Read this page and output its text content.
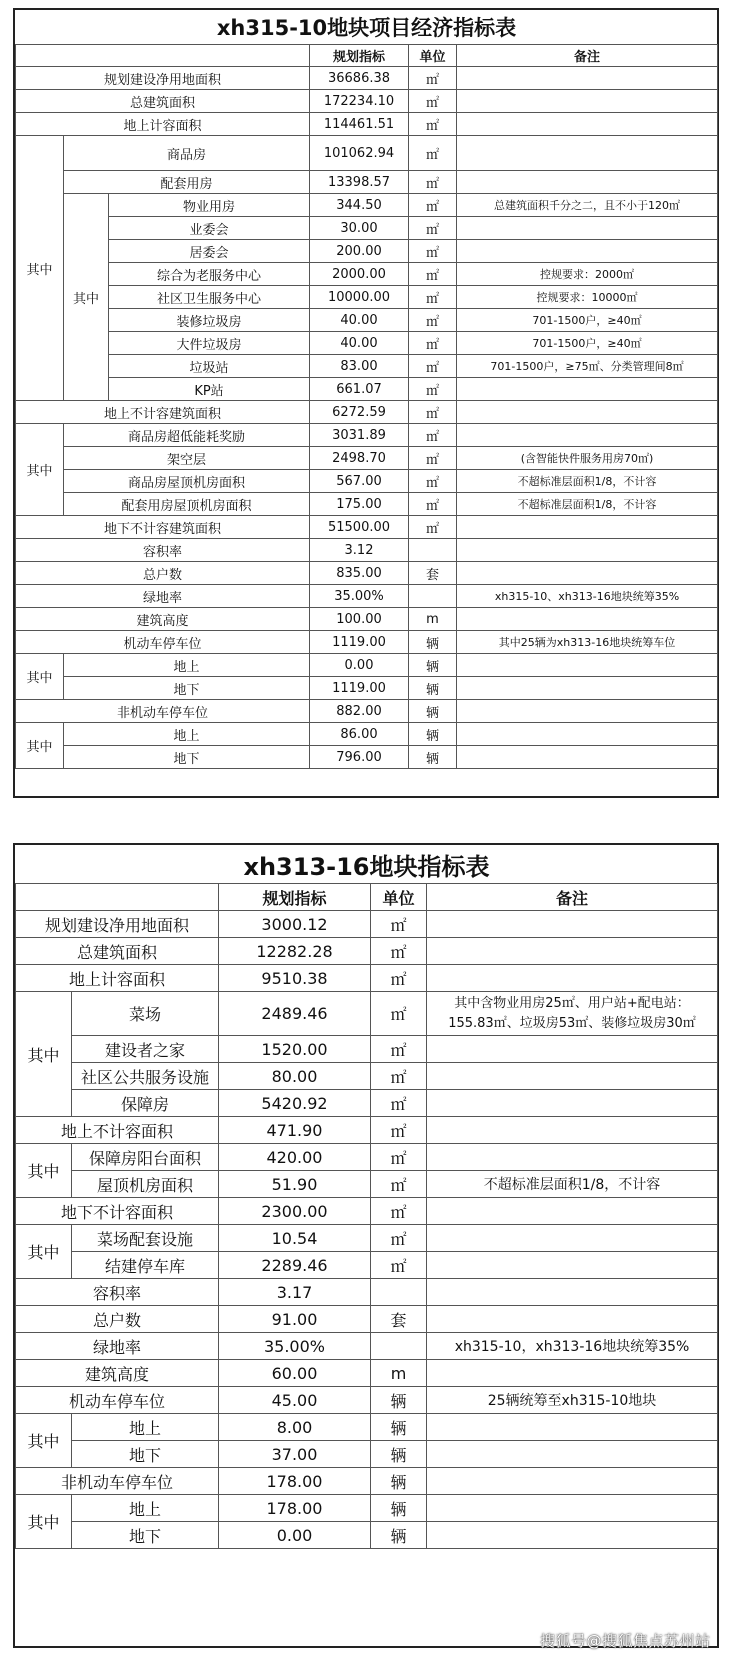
xh315-10地块项目经济指标表					
			规划指标	单位	备注
规划建设净用地面积			36686.38	㎡	
总建筑面积			172234.10	㎡	
地上计容面积			114461.51	㎡	
其中	商品房		101062.94	㎡	
	配套用房		13398.57	㎡	
	其中	物业用房	344.50	㎡	总建筑面积千分之二，且不小于120㎡
		业委会	30.00	㎡	
		居委会	200.00	㎡	
		综合为老服务中心	2000.00	㎡	控规要求：2000㎡
		社区卫生服务中心	10000.00	㎡	控规要求：10000㎡
		装修垃圾房	40.00	㎡	701-1500户，≥40㎡
		大件垃圾房	40.00	㎡	701-1500户，≥40㎡
		垃圾站	83.00	㎡	701-1500户，≥75㎡、分类管理间8㎡
		KP站	661.07	㎡	
地上不计容建筑面积			6272.59	㎡	
其中	商品房超低能耗奖励		3031.89	㎡	
	架空层		2498.70	㎡	(含智能快件服务用房70㎡)
	商品房屋顶机房面积		567.00	㎡	不超标准层面积1/8，不计容
	配套用房屋顶机房面积		175.00	㎡	不超标准层面积1/8，不计容
地下不计容建筑面积			51500.00	㎡	
容积率			3.12		
总户数			835.00	套	
绿地率			35.00%		xh315-10、xh313-16地块统筹35%
建筑高度			100.00	m	
机动车停车位			1119.00	辆	其中25辆为xh313-16地块统筹车位
其中	地上		0.00	辆	
	地下		1119.00	辆	
非机动车停车位			882.00	辆	
其中	地上		86.00	辆	
	地下		796.00	辆	
xh313-16地块指标表				
		规划指标	单位	备注
规划建设净用地面积		3000.12	㎡	
总建筑面积		12282.28	㎡	
地上计容面积		9510.38	㎡	
其中	菜场	2489.46	㎡	其中含物业用房25㎡、用户站+配电站：
155.83㎡、垃圾房53㎡、装修垃圾房30㎡
	建设者之家	1520.00	㎡	
	社区公共服务设施	80.00	㎡	
	保障房	5420.92	㎡	
地上不计容面积		471.90	㎡	
其中	保障房阳台面积	420.00	㎡	
	屋顶机房面积	51.90	㎡	不超标准层面积1/8，不计容
地下不计容面积		2300.00	㎡	
其中	菜场配套设施	10.54	㎡	
	结建停车库	2289.46	㎡	
容积率		3.17		
总户数		91.00	套	
绿地率		35.00%		xh315-10，xh313-16地块统筹35%
建筑高度		60.00	m	
机动车停车位		45.00	辆	25辆统筹至xh315-10地块
其中	地上	8.00	辆	
	地下	37.00	辆	
非机动车停车位		178.00	辆	
其中	地上	178.00	辆	
	地下	0.00	辆	
搜狐号@搜狐焦点苏州站
